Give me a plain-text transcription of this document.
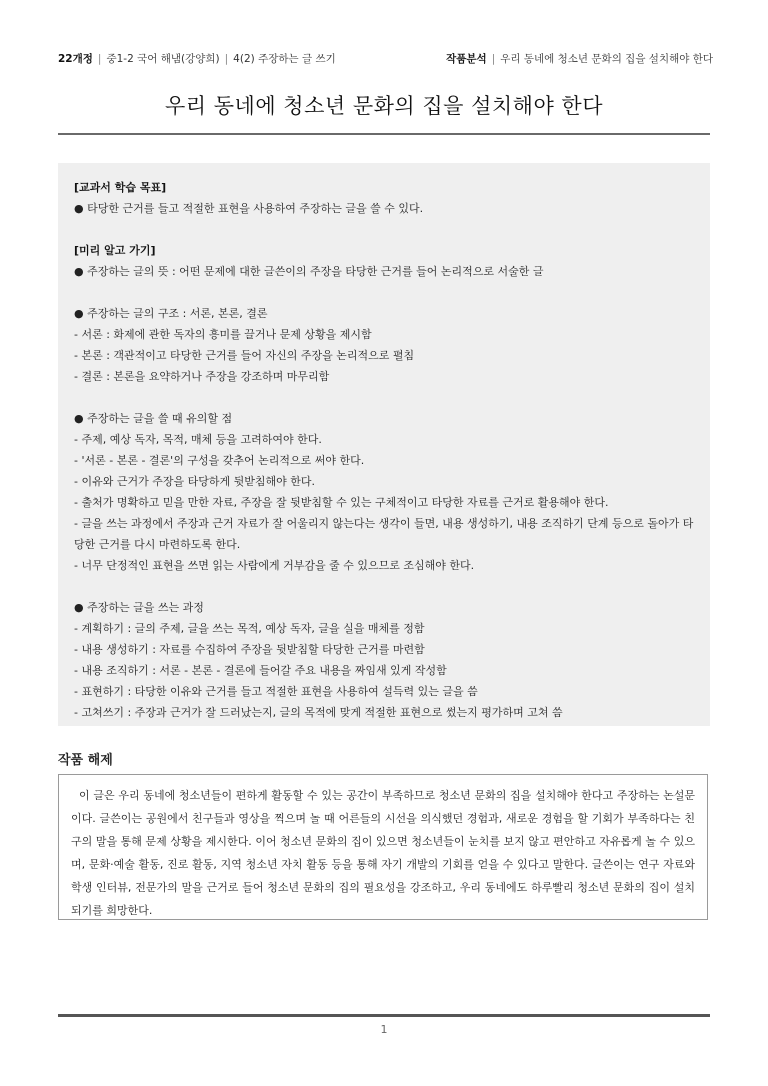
22개정 | 중1-2 국어 해냄(강양희) | 4(2) 주장하는 글 쓰기	작품분석 | 우리 동네에 청소년 문화의 집을 설치해야 한다
우리 동네에 청소년 문화의 집을 설치해야 한다
[교과서 학습 목표]
● 타당한 근거를 들고 적절한 표현을 사용하여 주장하는 글을 쓸 수 있다.
[미리 알고 가기]
● 주장하는 글의 뜻 : 어떤 문제에 대한 글쓴이의 주장을 타당한 근거를 들어 논리적으로 서술한 글
● 주장하는 글의 구조 : 서론, 본론, 결론
- 서론 : 화제에 관한 독자의 흥미를 끌거나 문제 상황을 제시함
- 본론 : 객관적이고 타당한 근거를 들어 자신의 주장을 논리적으로 펼침
- 결론 : 본론을 요약하거나 주장을 강조하며 마무리함
● 주장하는 글을 쓸 때 유의할 점
- 주제, 예상 독자, 목적, 매체 등을 고려하여야 한다.
- '서론 - 본론 - 결론'의 구성을 갖추어 논리적으로 써야 한다.
- 이유와 근거가 주장을 타당하게 뒷받침해야 한다.
- 출처가 명확하고 믿을 만한 자료, 주장을 잘 뒷받침할 수 있는 구체적이고 타당한 자료를 근거로 활용해야 한다.
- 글을 쓰는 과정에서 주장과 근거 자료가 잘 어울리지 않는다는 생각이 들면, 내용 생성하기, 내용 조직하기 단계 등으로 돌아가 타당한 근거를 다시 마련하도록 한다.
- 너무 단정적인 표현을 쓰면 읽는 사람에게 거부감을 줄 수 있으므로 조심해야 한다.
● 주장하는 글을 쓰는 과정
- 계획하기 : 글의 주제, 글을 쓰는 목적, 예상 독자, 글을 실을 매체를 정함
- 내용 생성하기 : 자료를 수집하여 주장을 뒷받침할 타당한 근거를 마련함
- 내용 조직하기 : 서론 - 본론 - 결론에 들어갈 주요 내용을 짜임새 있게 작성함
- 표현하기 : 타당한 이유와 근거를 들고 적절한 표현을 사용하여 설득력 있는 글을 씀
- 고쳐쓰기 : 주장과 근거가 잘 드러났는지, 글의 목적에 맞게 적절한 표현으로 썼는지 평가하며 고쳐 씀
작품 해제

이 글은 우리 동네에 청소년들이 편하게 활동할 수 있는 공간이 부족하므로 청소년 문화의 집을 설치해야 한다고 주장하는 논설문이다. 글쓴이는 공원에서 친구들과 영상을 찍으며 놀 때 어른들의 시선을 의식했던 경험과, 새로운 경험을 할 기회가 부족하다는 친구의 말을 통해 문제 상황을 제시한다. 이어 청소년 문화의 집이 있으면 청소년들이 눈치를 보지 않고 편안하고 자유롭게 놀 수 있으며, 문화·예술 활동, 진로 활동, 지역 청소년 자치 활동 등을 통해 자기 개발의 기회를 얻을 수 있다고 말한다. 글쓴이는 연구 자료와 학생 인터뷰, 전문가의 말을 근거로 들어 청소년 문화의 집의 필요성을 강조하고, 우리 동네에도 하루빨리 청소년 문화의 집이 설치되기를 희망한다.

1
